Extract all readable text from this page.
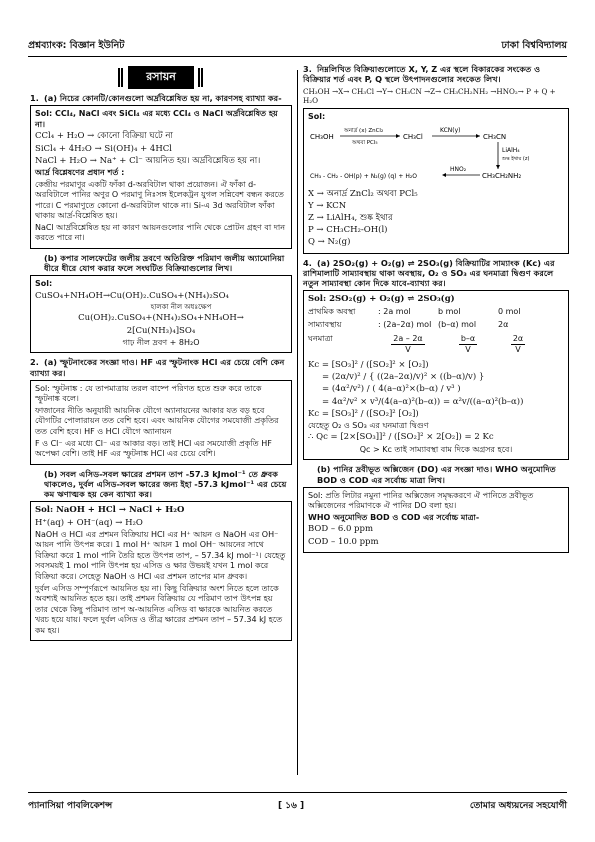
প্রশ্নব্যাংক: বিজ্ঞান ইউনিট	ঢাকা বিশ্ববিদ্যালয়
রসায়ন
1. (a) নিচের কোনটি/কোনগুলো অর্দ্রবিশ্লেষিত হয় না, কারণসহ ব্যাখ্যা কর-

Sol: CCl₄, NaCl এবং SiCl₄ এর মধ্যে CCl₄ ও NaCl অর্দ্রবিশ্লেষিত হয় না।

CCl₄ + H₂O → কোনো বিক্রিয়া ঘটে না

SiCl₄ + 4H₂O → Si(OH)₄ + 4HCl

NaCl + H₂O → Na⁺ + Cl⁻ আয়নিত হয়। অর্দ্রবিশ্লেষিত হয় না।

আর্দ্র বিশ্লেষণের প্রধান শর্ত :

কেন্দ্রীয় পরমাণুর একটি ফাঁকা d-অরবিটাল থাকা প্রয়োজন। ঐ ফাঁকা d-অরবিটালে পানির অণুর O পরমাণু নিঃসঙ্গ ইলেকট্রন যুগল সন্নিবেশ বন্ধন করতে পারে। C পরমাণুতে কোনো d-অরবিটাল থাকে না। Si-এ 3d অরবিটাল ফাঁকা থাকায় আর্দ্র-বিশ্লেষিত হয়।

NaCl আর্দ্রবিশ্লেষিত হয় না কারণ আয়নগুলোর পানি থেকে প্রোটন গ্রহণ বা দান করতে পারে না।

(b) কপার সালফেটের জলীয় দ্রবণে অতিরিক্ত পরিমাণ জলীয় অ্যামোনিয়া ধীরে ধীরে যোগ করার ফলে সংঘটিত বিক্রিয়াগুলোর লিখ।

Sol:

CuSO₄+NH₄OH→Cu(OH)₂.CuSO₄+(NH₄)₂SO₄

হালকা নীল অধঃক্ষেপ

Cu(OH)₂.CuSO₄+(NH₄)₂SO₄+NH₄OH→

2[Cu(NH₃)₄]SO₄

গাঢ় নীল দ্রবণ + 8H₂O

2. (a) স্ফুটনাংকের সংজ্ঞা দাও। HF এর স্ফুটনাংক HCl এর চেয়ে বেশি কেন ব্যাখ্যা কর।

Sol: স্ফুটনাঙ্ক : যে তাপমাত্রায় তরল বাষ্পে পরিণত হতে শুরু করে তাকে স্ফুটনাঙ্ক বলে।

ফাজানের নীতি অনুযায়ী আয়নিক যৌগে অ্যানায়নের আকার যত বড় হবে যৌগটির পোলারায়ন তত বেশি হবে। এবং আয়নিক যৌগের সমযোজী প্রকৃতির তত বেশি হবে। HF ও HCl যৌগে অ্যানায়ন

F ও Cl⁻ এর মধ্যে Cl⁻ এর আকার বড়। তাই HCl এর সমযোজী প্রকৃতি HF অপেক্ষা বেশি। তাই HF এর স্ফুটনাঙ্ক HCl এর চেয়ে বেশি।

(b) সবল এসিড-সবল ক্ষারের প্রশমন তাপ -57.3 kJmol⁻¹ তে ধ্রুবক থাকলেও, দুর্বল এসিড-সবল ক্ষারের জন্য ইহা -57.3 kJmol⁻¹ এর চেয়ে কম ঋণাত্মক হয় কেন ব্যাখ্যা কর।

Sol: NaOH + HCl → NaCl + H₂O

H⁺(aq) + OH⁻(aq) → H₂O

NaOH ও HCl এর প্রশমন বিক্রিয়ায় HCl এর H⁺ আয়ন ও NaOH এর OH⁻ আয়ন পানি উৎপন্ন করে। 1 mol H⁺ আয়ন 1 mol OH⁻ আয়নের সাথে বিক্রিয়া করে 1 mol পানি তৈরি হতে উৎপন্ন তাপ, – 57.34 kJ mol⁻¹। যেহেতু সবসময়ই 1 mol পানি উৎপন্ন হয় এসিড ও ক্ষার উভয়ই যখন 1 mol করে বিক্রিয়া করে। সেহেতু NaOH ও HCl এর প্রশমন তাপের মান ধ্রুবক।

দুর্বল এসিড সম্পূর্ণরূপে আয়নিত হয় না। কিছু বিক্রিয়ার অংশ নিতে হলে তাকে অবশ্যই আয়নিত হতে হয়। তাই প্রশমন বিক্রিয়ায় যে পরিমাণ তাপ উৎপন্ন হয় তার থেকে কিছু পরিমাণ তাপ অ-আয়নিত এসিড বা ক্ষারকে আয়নিত করতে খরচ হয়ে যায়। ফলে দুর্বল এসিড ও তীব্র ক্ষারের প্রশমন তাপ – 57.34 kJ হতে কম হয়।

3. নিম্নলিখিত বিক্রিয়াগুলোতে X, Y, Z এর স্থলে বিকারকের সংকেত ও বিক্রিয়ার শর্ত এবং P, Q স্থলে উৎপাদনগুলোর সংকেত লিখ।
CH₃OH →X→ CH₃Cl →Y→ CH₃CN →Z→ CH₃CH₂NH₂ →HNO₂→ P + Q + H₂O

Sol:

CH₃OH
অনার্দ্র (x) ZnCl₂
অথবা PCl₅
CH₃Cl
KCN(y)
CH₃CN
LiAlH₄
শুষ্ক ইথার (z)
CH₃ - CH₂ - OH(p) + N₂(g) (q) + H₂O
HNO₂
CH₃CH₂NH₂

X → অনার্দ্র ZnCl₂ অথবা PCl₅

Y → KCN

Z → LiAlH₄, শুষ্ক ইথার

P → CH₃CH₂-OH(l)

Q → N₂(g)

4. (a) 2SO₂(g) + O₂(g) ⇌ 2SO₃(g) বিক্রিয়াটির সাম্যাংক (Kc) এর রাশিমালাটি সাম্যাবস্থায় থাকা অবস্থায়, O₂ ও SO₃ এর ঘনমাত্রা দ্বিগুণ করলে নতুন সাম্যাবস্থা কোন দিকে যাবে-ব্যাখ্যা কর।

Sol: 2SO₂(g) + O₂(g) ⇌ 2SO₃(g)

প্রাথমিক অবস্থা	: 2a mol	b mol	0 mol
সাম্যাবস্থায়	: (2a–2α) mol (b–α) mol	2α
ঘনমাত্রা	$\frac{2a - 2\alpha}{V} \frac{b-\alpha}{V} \frac{2\alpha}{V}$

Kc = [SO₃]² / ([SO₂]² × [O₂])

= (2α/v)² / { ((2a–2α)/v)² × ((b–α)/v) }

= (4α²/v²) / ( 4(a–α)²×(b–α) / v³ )

= 4α²/v² × v³/(4(a–α)²(b–α)) = α²v/((a–α)²(b–α))

Kc = [SO₃]² / ([SO₂]² [O₂])

যেহেতু O₂ ও SO₃ এর ঘনমাত্রা দ্বিগুণ

∴ Qc = [2×[SO₃]]² / ([SO₂]² × 2[O₂]) = 2 Kc

Qc > Kc তাই সাম্যাবস্থা বাম দিকে অগ্রসর হবে।

(b) পানির দ্রবীভূত অক্সিজেন (DO) এর সংজ্ঞা দাও। WHO অনুমোদিত BOD ও COD এর সর্বোচ্চ মাত্রা লিখ।

Sol: প্রতি লিটার নমুনা পানির অক্সিজেন সমৃদ্ধকরণে ঐ পানিতে দ্রবীভূত অক্সিজেনের পরিমাণকে ঐ পানির DO বলা হয়।

WHO অনুমোদিত BOD ও COD এর সর্বোচ্চ মাত্রা-

BOD – 6.0 ppm

COD – 10.0 ppm

প্যানাসিয়া পাবলিকেশন্স	[ ১৬ ]	তোমার অধ্যয়নের সহযোগী
